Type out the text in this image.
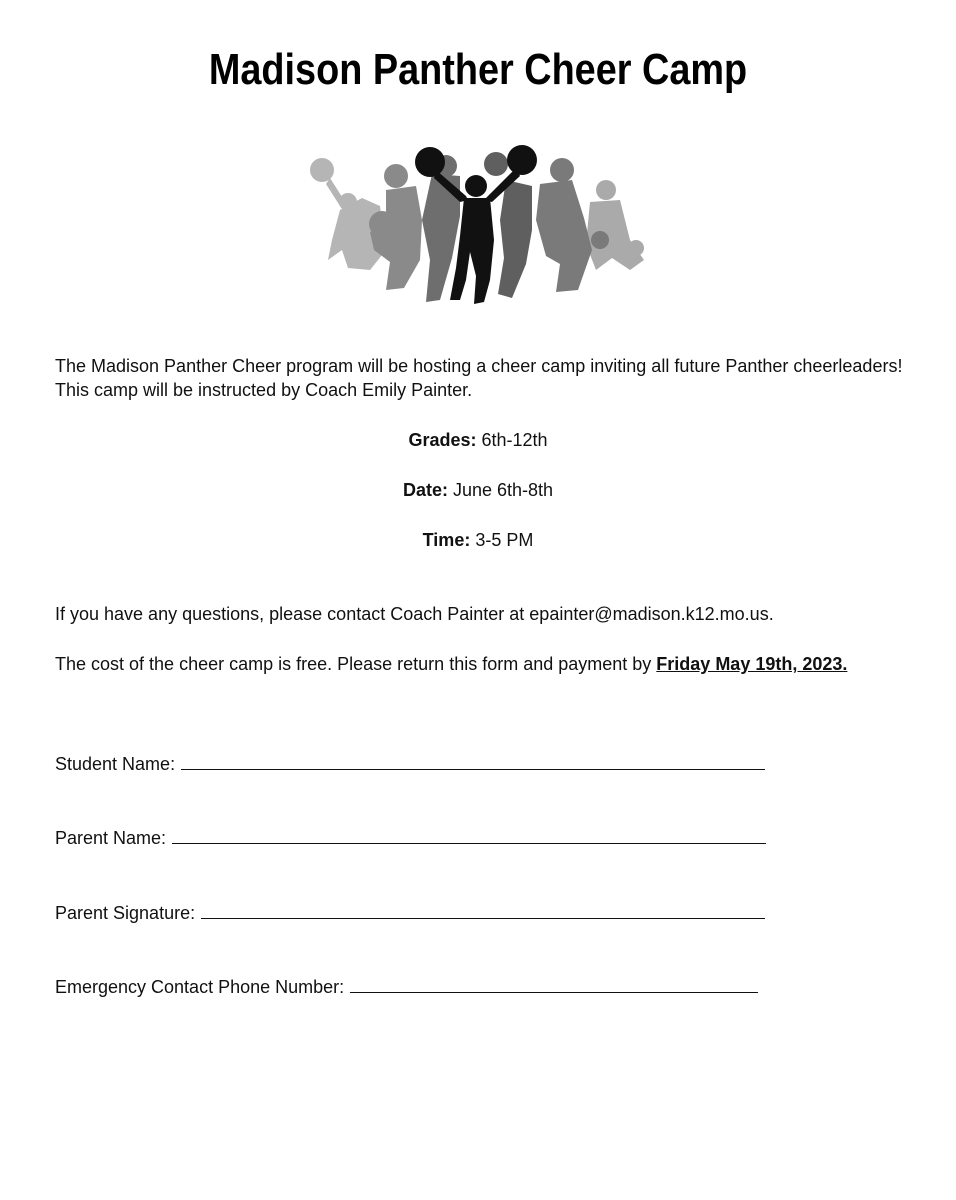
Madison Panther Cheer Camp
The Madison Panther Cheer program will be hosting a cheer camp inviting all future Panther cheerleaders! This camp will be instructed by Coach Emily Painter.
Grades: 6th-12th
Date: June 6th-8th
Time: 3-5 PM
If you have any questions, please contact Coach Painter at epainter@madison.k12.mo.us.
The cost of the cheer camp is free. Please return this form and payment by Friday May 19th, 2023.
Student Name:
Parent Name:
Parent Signature:
Emergency Contact Phone Number:
